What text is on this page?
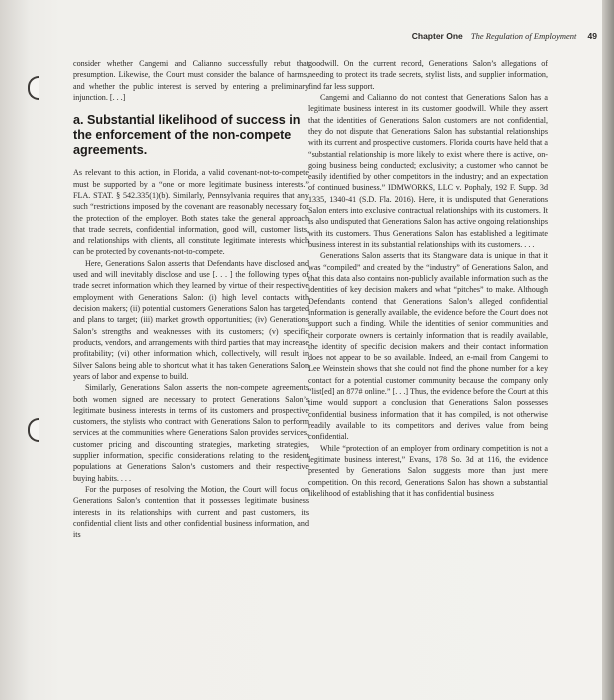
Chapter One The Regulation of Employment 49

consider whether Cangemi and Calianno successfully rebut that presumption. Likewise, the Court must consider the balance of harms, and whether the public interest is served by entering a preliminary injunction. [. . .]

a. Substantial likelihood of success in the enforcement of the non-compete agreements.

As relevant to this action, in Florida, a valid covenant-not-to-compete must be supported by a “one or more legitimate business interests.” FLA. STAT. § 542.335(1)(b). Similarly, Pennsylvania requires that any such “restrictions imposed by the covenant are reasonably necessary for the protection of the employer. Both states take the general approach that trade secrets, confidential information, good will, customer lists, and relationships with clients, all constitute legitimate interests which can be protected by covenants-not-to-compete.

Here, Generations Salon asserts that Defendants have disclosed and used and will inevitably disclose and use [. . . ] the following types of trade secret information which they learned by virtue of their respective employment with Generations Salon: (i) high level contacts with decision makers; (ii) potential customers Generations Salon has targeted and plans to target; (iii) market growth opportunities; (iv) Generations Salon’s strengths and weaknesses with its customers; (v) specific products, vendors, and arrangements with third parties that may increase profitability; (vi) other information which, collectively, will result in Silver Salons being able to shortcut what it has taken Generations Salon years of labor and expense to build.

Similarly, Generations Salon asserts the non-compete agreements both women signed are necessary to protect Generations Salon’s legitimate business interests in terms of its customers and prospective customers, the stylists who contract with Generations Salon to perform services at the communities where Generations Salon provides services, customer pricing and discounting strategies, marketing strategies, supplier information, specific considerations relating to the resident populations at Generations Salon’s customers and their respective buying habits. . . .

For the purposes of resolving the Motion, the Court will focus on Generations Salon’s contention that it possesses legitimate business interests in its relationships with current and past customers, its confidential client lists and other confidential business information, and its

goodwill. On the current record, Generations Salon’s allegations of needing to protect its trade secrets, stylist lists, and supplier information, find far less support.

Cangemi and Calianno do not contest that Generations Salon has a legitimate business interest in its customer goodwill. While they assert that the identities of Generations Salon customers are not confidential, they do not dispute that Generations Salon has substantial relationships with its current and prospective customers. Florida courts have held that a “substantial relationship is more likely to exist where there is active, on-going business being conducted; exclusivity; a customer who cannot be easily identified by other competitors in the industry; and an expectation of continued business.” IDMWORKS, LLC v. Pophaly, 192 F. Supp. 3d 1335, 1340-41 (S.D. Fla. 2016). Here, it is undisputed that Generations Salon enters into exclusive contractual relationships with its customers. It is also undisputed that Generations Salon has active ongoing relationships with its customers. Thus Generations Salon has established a legitimate business interest in its substantial relationships with its customers. . . .

Generations Salon asserts that its Stangware data is unique in that it was “compiled” and created by the “industry” of Generations Salon, and that this data also contains non-publicly available information such as the identities of key decision makers and what “pitches” to make. Although Defendants contend that Generations Salon’s alleged confidential information is generally available, the evidence before the Court does not support such a finding. While the identities of senior communities and their corporate owners is certainly information that is readily available, the identity of specific decision makers and their contact information does not appear to be so available. Indeed, an e-mail from Cangemi to Lee Weinstein shows that she could not find the phone number for a key contact for a potential customer community because the company only “list[ed] an 877# online.” [. . .] Thus, the evidence before the Court at this time would support a conclusion that Generations Salon possesses confidential business information that it has compiled, is not otherwise readily available to its competitors and derives value from being confidential.

While “protection of an employer from ordinary competition is not a legitimate business interest,” Evans, 178 So. 3d at 116, the evidence presented by Generations Salon suggests more than just mere competition. On this record, Generations Salon has shown a substantial likelihood of establishing that it has confidential business
